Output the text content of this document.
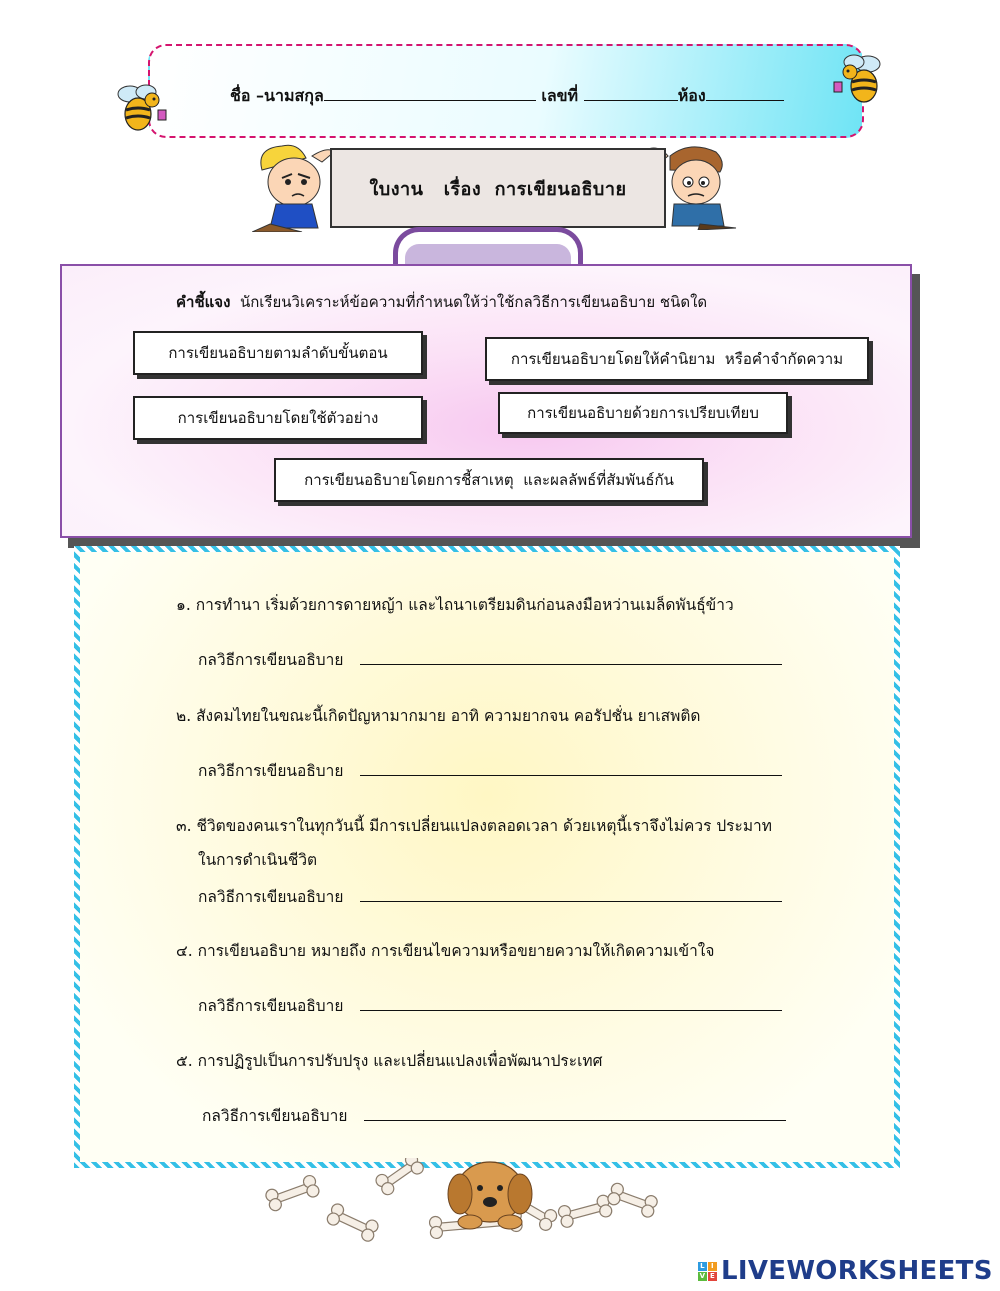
ชื่อ –นามสกุล	เลขที่	ห้อง
ใบงาน   เรื่อง  การเขียนอธิบาย
คำชี้แจง นักเรียนวิเคราะห์ข้อความที่กำหนดให้ว่าใช้กลวิธีการเขียนอธิบาย ชนิดใด
การเขียนอธิบายตามลำดับขั้นตอน	การเขียนอธิบายโดยให้คำนิยาม  หรือคำจำกัดความ
การเขียนอธิบายโดยใช้ตัวอย่าง	การเขียนอธิบายด้วยการเปรียบเทียบ
การเขียนอธิบายโดยการชี้สาเหตุ  และผลลัพธ์ที่สัมพันธ์กัน
๑. การทำนา เริ่มด้วยการดายหญ้า และไถนาเตรียมดินก่อนลงมือหว่านเมล็ดพันธุ์ข้าว
กลวิธีการเขียนอธิบาย
๒. สังคมไทยในขณะนี้เกิดปัญหามากมาย อาทิ ความยากจน คอรัปชั่น ยาเสพติด
กลวิธีการเขียนอธิบาย
๓. ชีวิตของคนเราในทุกวันนี้ มีการเปลี่ยนแปลงตลอดเวลา ด้วยเหตุนี้เราจึงไม่ควร ประมาท
ในการดำเนินชีวิต
กลวิธีการเขียนอธิบาย
๔. การเขียนอธิบาย หมายถึง การเขียนไขความหรือขยายความให้เกิดความเข้าใจ
กลวิธีการเขียนอธิบาย
๕. การปฏิรูปเป็นการปรับปรุง และเปลี่ยนแปลงเพื่อพัฒนาประเทศ
กลวิธีการเขียนอธิบาย
L I
V E LIVEWORKSHEETS
